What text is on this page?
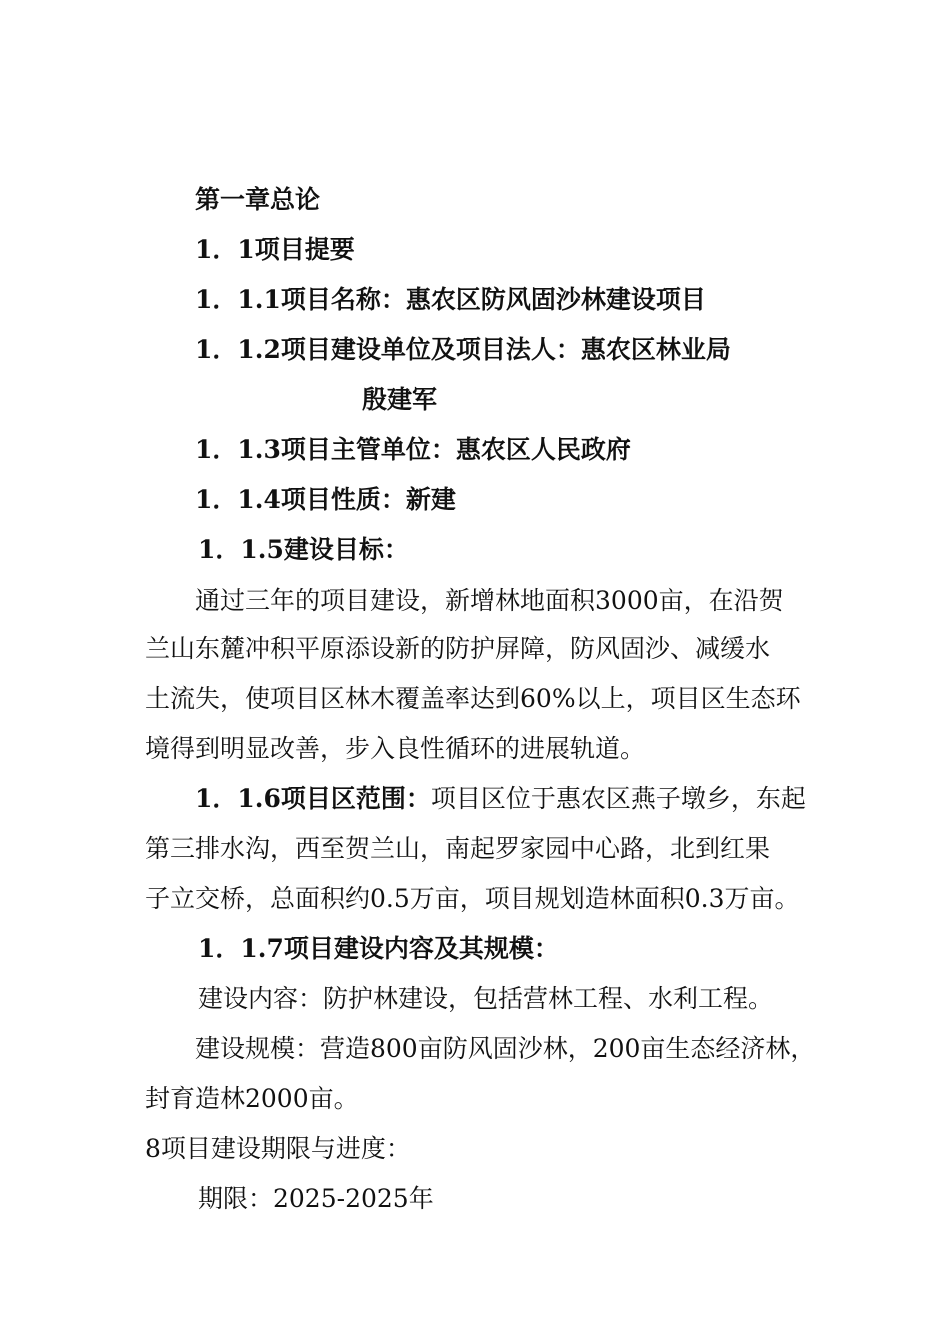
第一章总论
1．1项目提要
1．1.1项目名称：惠农区防风固沙林建设项目
1．1.2项目建设单位及项目法人：惠农区林业局
殷建军
1．1.3项目主管单位：惠农区人民政府
1．1.4项目性质：新建
1．1.5建设目标：
通过三年的项目建设，新增林地面积3000亩，在沿贺
兰山东麓冲积平原添设新的防护屏障，防风固沙、减缓水
土流失，使项目区林木覆盖率达到60%以上，项目区生态环
境得到明显改善，步入良性循环的进展轨道。
1．1.6项目区范围：项目区位于惠农区燕子墩乡，东起
第三排水沟，西至贺兰山，南起罗家园中心路，北到红果
子立交桥，总面积约0.5万亩，项目规划造林面积0.3万亩。
1．1.7项目建设内容及其规模：
建设内容：防护林建设，包括营林工程、水利工程。
建设规模：营造800亩防风固沙林，200亩生态经济林，
封育造林2000亩。
8项目建设期限与进度：
期限：2025-2025年
